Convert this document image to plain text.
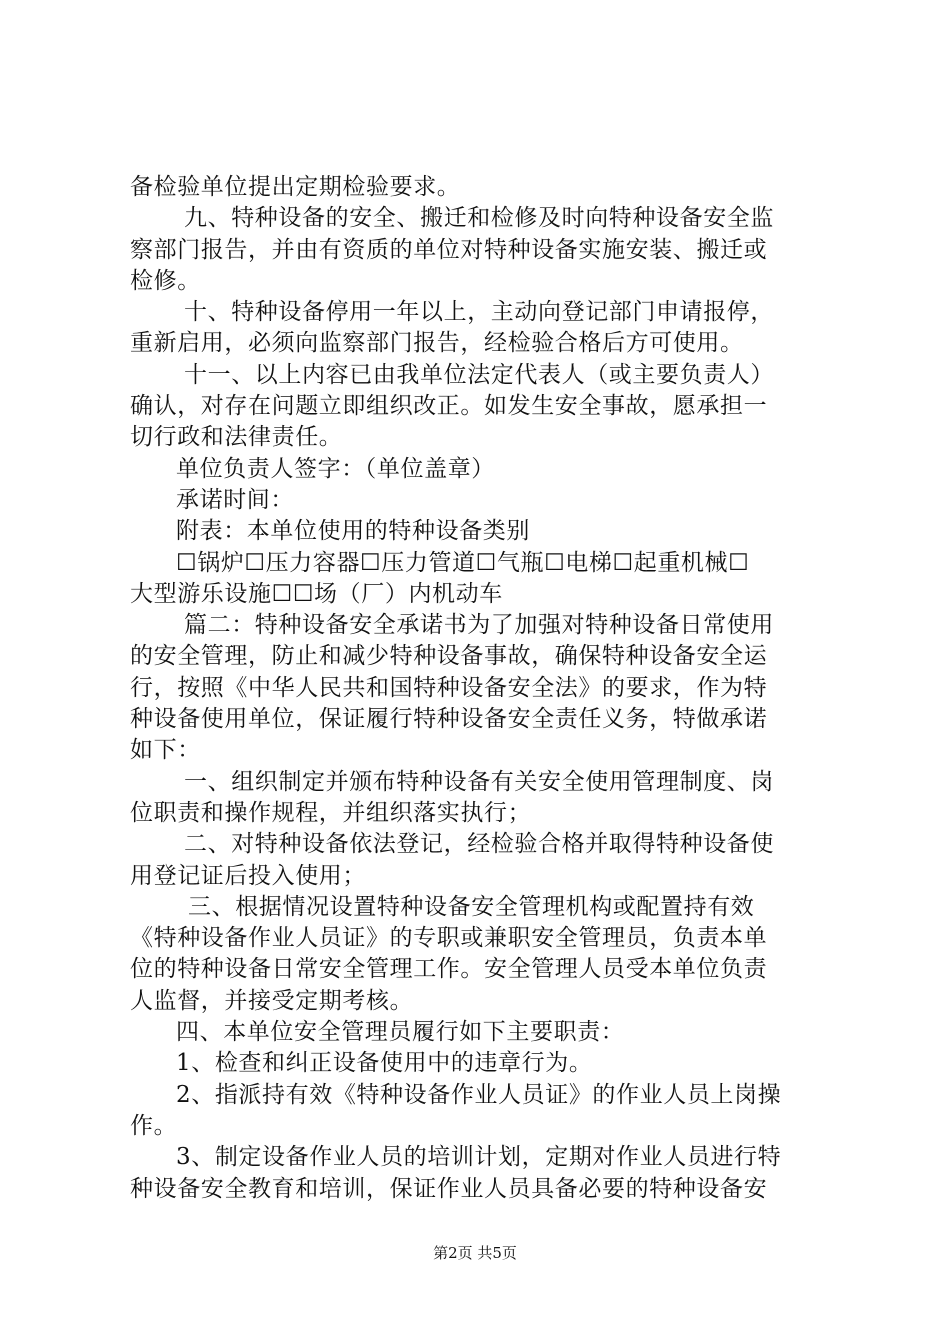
备检验单位提出定期检验要求。
九、特种设备的安全、搬迁和检修及时向特种设备安全监
察部门报告，并由有资质的单位对特种设备实施安装、搬迁或
检修。
十、特种设备停用一年以上，主动向登记部门申请报停，
重新启用，必须向监察部门报告，经检验合格后方可使用。
十一、以上内容已由我单位法定代表人（或主要负责人）
确认，对存在问题立即组织改正。如发生安全事故，愿承担一
切行政和法律责任。
单位负责人签字：（单位盖章）
承诺时间：
附表：本单位使用的特种设备类别
☐锅炉☐压力容器☐压力管道☐气瓶☐电梯☐起重机械☐
大型游乐设施☐☐场（厂）内机动车
篇二：特种设备安全承诺书为了加强对特种设备日常使用
的安全管理，防止和减少特种设备事故，确保特种设备安全运
行，按照《中华人民共和国特种设备安全法》的要求，作为特
种设备使用单位，保证履行特种设备安全责任义务，特做承诺
如下：
一、组织制定并颁布特种设备有关安全使用管理制度、岗
位职责和操作规程，并组织落实执行；
二、对特种设备依法登记，经检验合格并取得特种设备使
用登记证后投入使用；
三、根据情况设置特种设备安全管理机构或配置持有效
《特种设备作业人员证》的专职或兼职安全管理员，负责本单
位的特种设备日常安全管理工作。安全管理人员受本单位负责
人监督，并接受定期考核。
四、本单位安全管理员履行如下主要职责：
1、检查和纠正设备使用中的违章行为。
2、指派持有效《特种设备作业人员证》的作业人员上岗操
作。
3、制定设备作业人员的培训计划，定期对作业人员进行特
种设备安全教育和培训，保证作业人员具备必要的特种设备安
第2页 共5页
